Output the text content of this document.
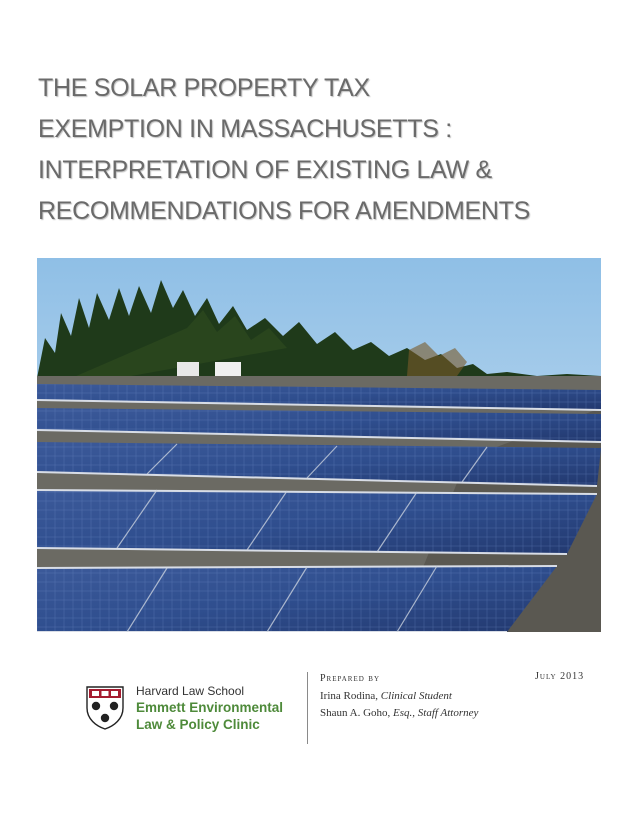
THE SOLAR PROPERTY TAX
EXEMPTION IN MASSACHUSETTS :
INTERPRETATION OF EXISTING LAW &
RECOMMENDATIONS FOR AMENDMENTS
Harvard Law School
Emmett Environmental
Law & Policy Clinic
Prepared by
Irina Rodina, Clinical Student
Shaun A. Goho, Esq., Staff Attorney
July 2013
